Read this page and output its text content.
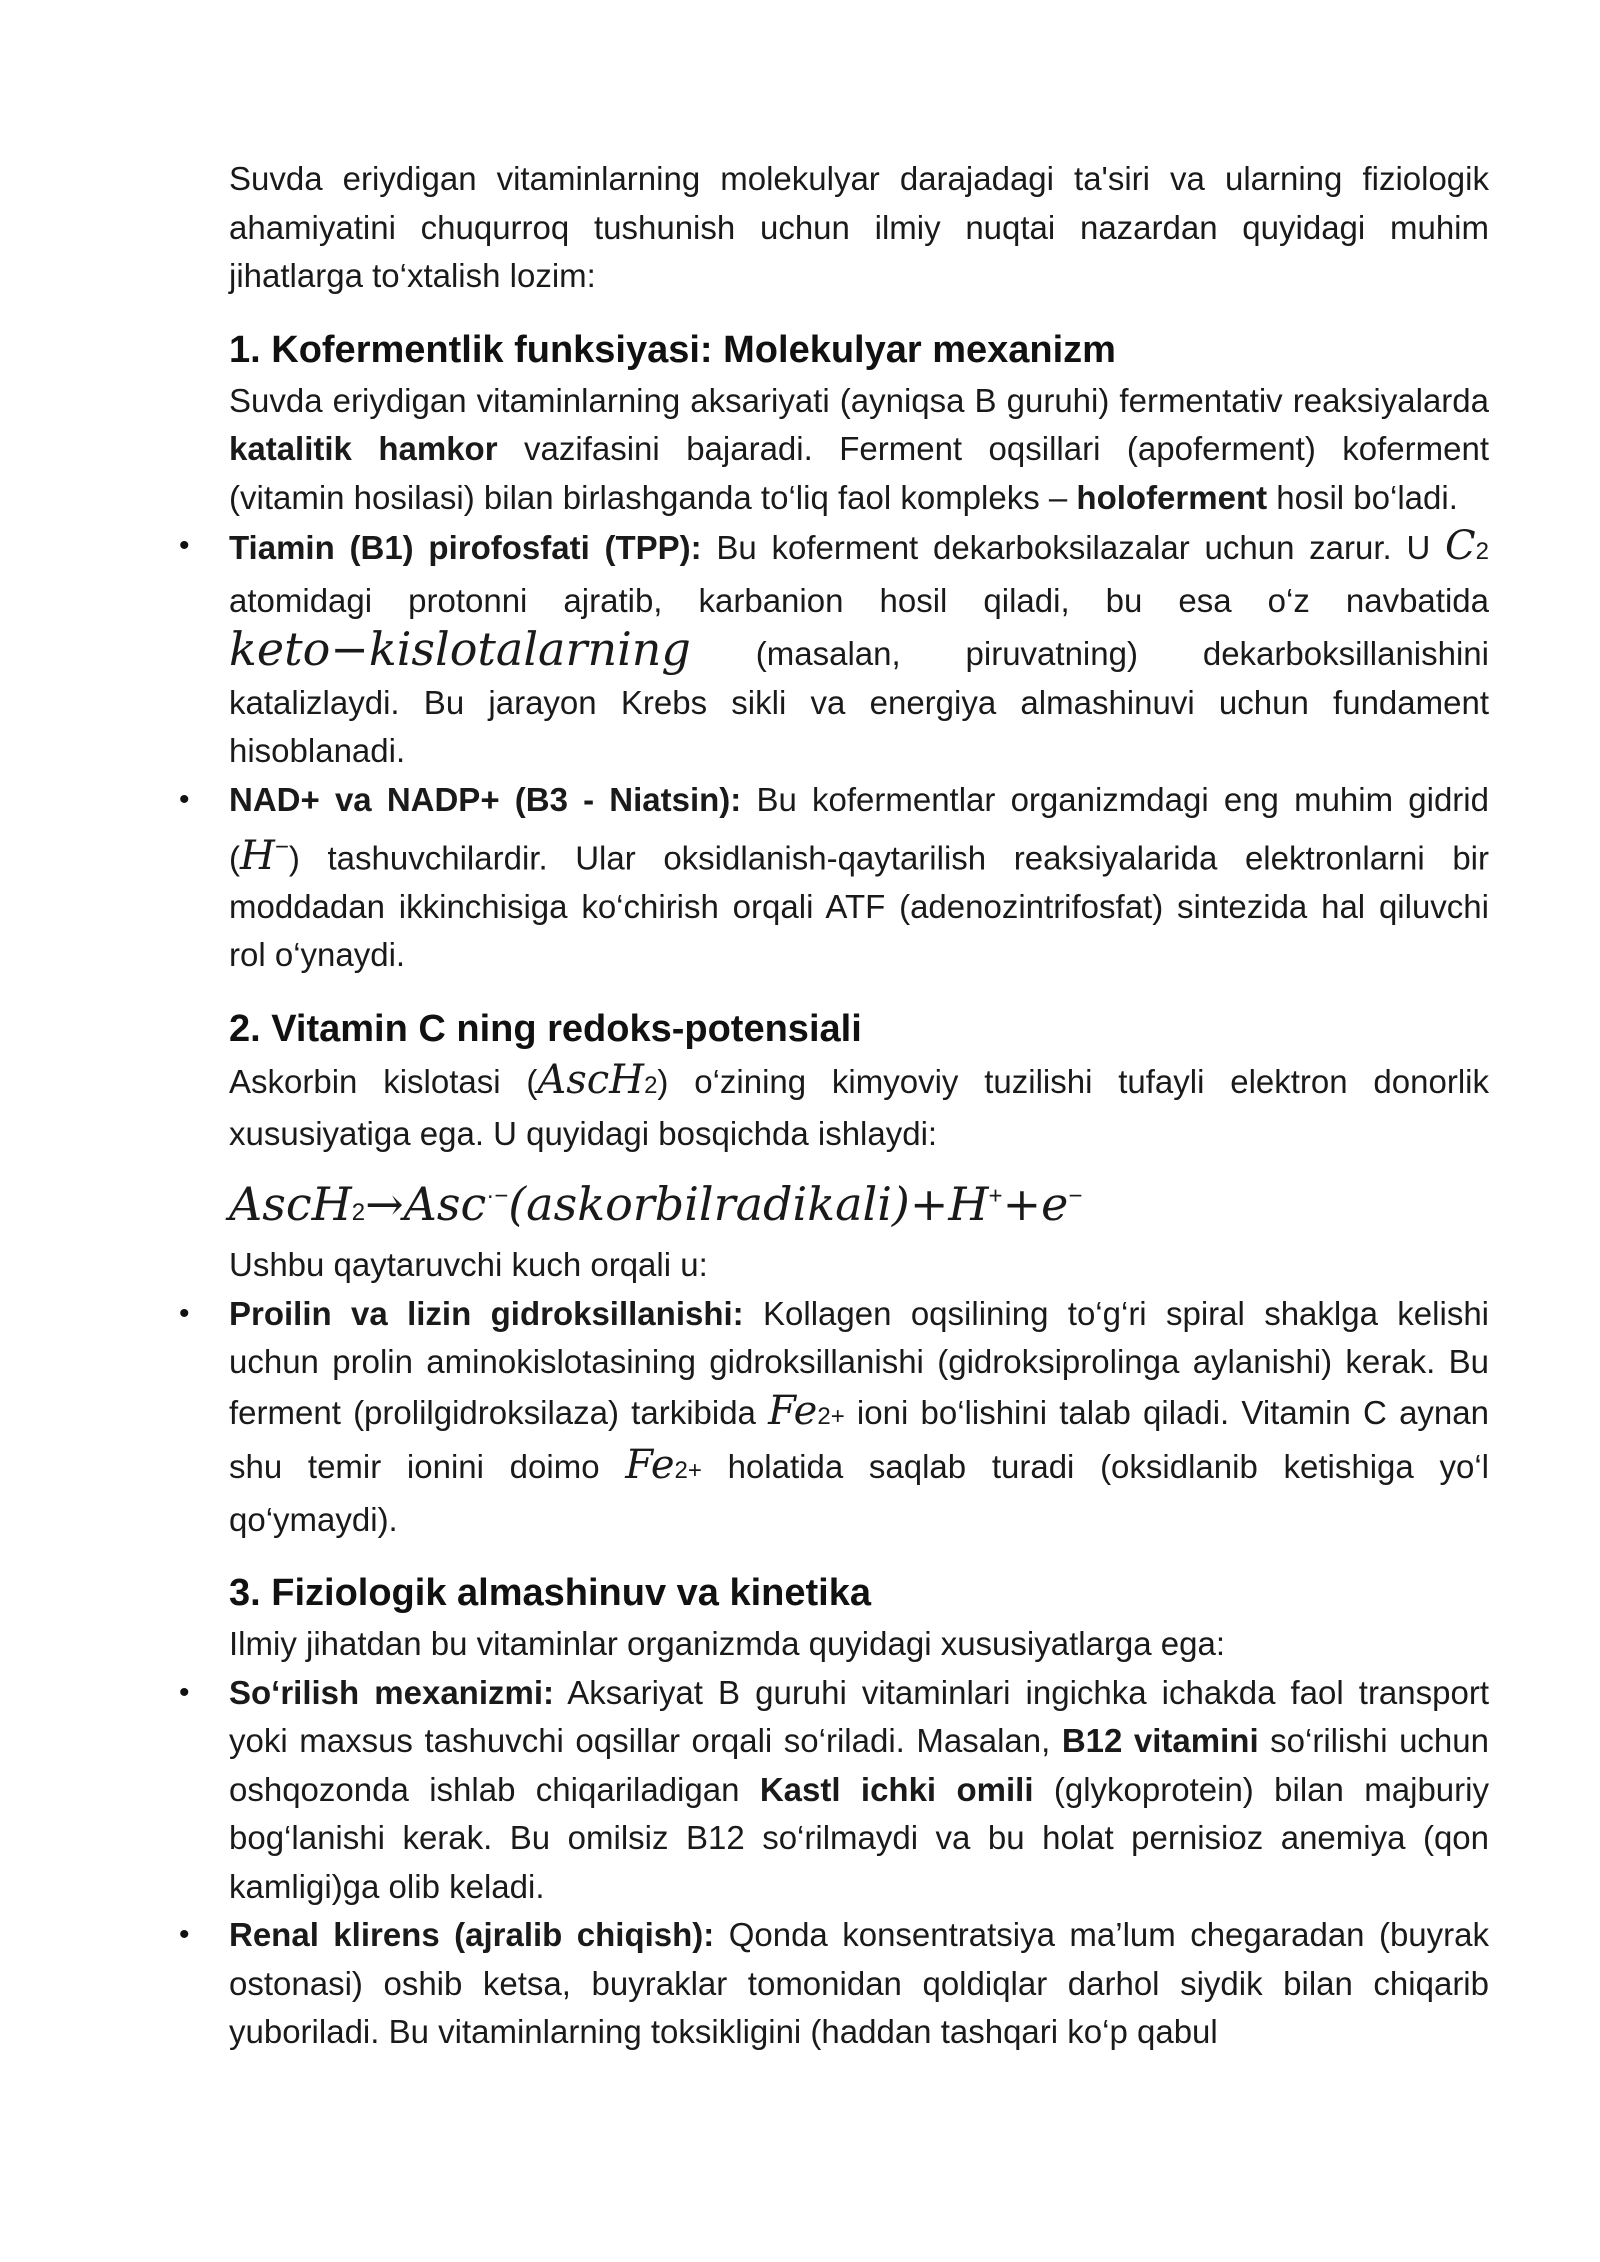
Suvda eriydigan vitaminlarning molekulyar darajadagi ta'siri va ularning fiziologik ahamiyatini chuqurroq tushunish uchun ilmiy nuqtai nazardan quyidagi muhim jihatlarga to‘xtalish lozim:

1. Kofermentlik funksiyasi: Molekulyar mexanizm

Suvda eriydigan vitaminlarning aksariyati (ayniqsa B guruhi) fermentativ reaksiyalarda katalitik hamkor vazifasini bajaradi. Ferment oqsillari (apoferment) koferment (vitamin hosilasi) bilan birlashganda to‘liq faol kompleks – holoferment hosil bo‘ladi.

• Tiamin (B1) pirofosfati (TPP): Bu koferment dekarboksilazalar uchun zarur. U C2 atomidagi protonni ajratib, karbanion hosil qiladi, bu esa o‘z navbatida keto−kislotalarning (masalan, piruvatning) dekarboksillanishini katalizlaydi. Bu jarayon Krebs sikli va energiya almashinuvi uchun fundament hisoblanadi.
• NAD+ va NADP+ (B3 - Niatsin): Bu kofermentlar organizmdagi eng muhim gidrid (H−) tashuvchilardir. Ular oksidlanish-qaytarilish reaksiyalarida elektronlarni bir moddadan ikkinchisiga ko‘chirish orqali ATF (adenozintrifosfat) sintezida hal qiluvchi rol o‘ynaydi.
2. Vitamin C ning redoks-potensiali

Askorbin kislotasi (AscH2) o‘zining kimyoviy tuzilishi tufayli elektron donorlik xususiyatiga ega. U quyidagi bosqichda ishlaydi:

AscH2→Asc·−(askorbilradikali)+H++e−

Ushbu qaytaruvchi kuch orqali u:

• Proilin va lizin gidroksillanishi: Kollagen oqsilining to‘g‘ri spiral shaklga kelishi uchun prolin aminokislotasining gidroksillanishi (gidroksiprolinga aylanishi) kerak. Bu ferment (prolilgidroksilaza) tarkibida Fe2+ ioni bo‘lishini talab qiladi. Vitamin C aynan shu temir ionini doimo Fe2+ holatida saqlab turadi (oksidlanib ketishiga yo‘l qo‘ymaydi).
3. Fiziologik almashinuv va kinetika

Ilmiy jihatdan bu vitaminlar organizmda quyidagi xususiyatlarga ega:

• So‘rilish mexanizmi: Aksariyat B guruhi vitaminlari ingichka ichakda faol transport yoki maxsus tashuvchi oqsillar orqali so‘riladi. Masalan, B12 vitamini so‘rilishi uchun oshqozonda ishlab chiqariladigan Kastl ichki omili (glykoprotein) bilan majburiy bog‘lanishi kerak. Bu omilsiz B12 so‘rilmaydi va bu holat pernisioz anemiya (qon kamligi)ga olib keladi.
• Renal klirens (ajralib chiqish): Qonda konsentratsiya ma’lum chegaradan (buyrak ostonasi) oshib ketsa, buyraklar tomonidan qoldiqlar darhol siydik bilan chiqarib yuboriladi. Bu vitaminlarning toksikligini (haddan tashqari ko‘p qabul
